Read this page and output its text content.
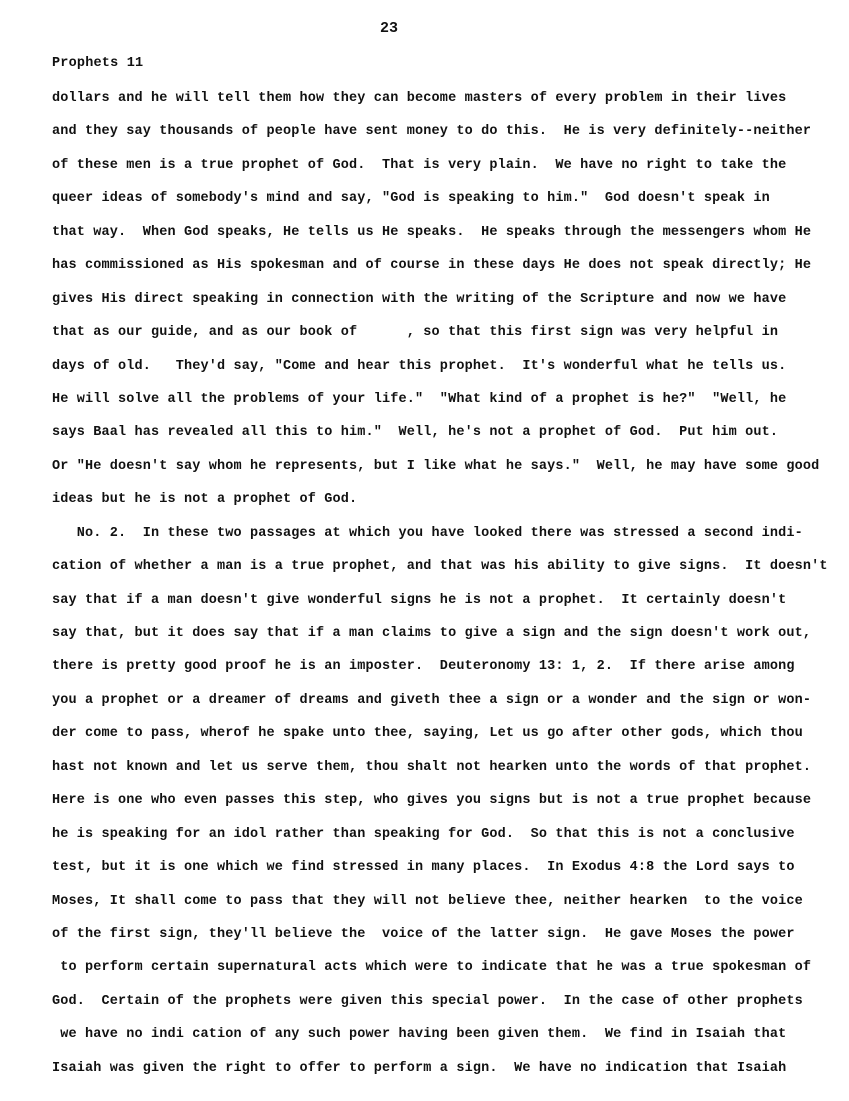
23
Prophets 11
dollars and he will tell them how they can become masters of every problem in their lives
and they say thousands of people have sent money to do this.  He is very definitely--neither
of these men is a true prophet of God.  That is very plain.  We have no right to take the
queer ideas of somebody's mind and say, "God is speaking to him."  God doesn't speak in
that way.  When God speaks, He tells us He speaks.  He speaks through the messengers whom He
has commissioned as His spokesman and of course in these days He does not speak directly; He
gives His direct speaking in connection with the writing of the Scripture and now we have
that as our guide, and as our book of      , so that this first sign was very helpful in
days of old.   They'd say, "Come and hear this prophet.  It's wonderful what he tells us.
He will solve all the problems of your life."  "What kind of a prophet is he?"  "Well, he
says Baal has revealed all this to him."  Well, he's not a prophet of God.  Put him out.
Or "He doesn't say whom he represents, but I like what he says."  Well, he may have some good
ideas but he is not a prophet of God.
No. 2.  In these two passages at which you have looked there was stressed a second indi-
cation of whether a man is a true prophet, and that was his ability to give signs.  It doesn't
say that if a man doesn't give wonderful signs he is not a prophet.  It certainly doesn't
say that, but it does say that if a man claims to give a sign and the sign doesn't work out,
there is pretty good proof he is an imposter.  Deuteronomy 13: 1, 2.  If there arise among
you a prophet or a dreamer of dreams and giveth thee a sign or a wonder and the sign or won-
der come to pass, wherof he spake unto thee, saying, Let us go after other gods, which thou
hast not known and let us serve them, thou shalt not hearken unto the words of that prophet.
Here is one who even passes this step, who gives you signs but is not a true prophet because
he is speaking for an idol rather than speaking for God.  So that this is not a conclusive
test, but it is one which we find stressed in many places.  In Exodus 4:8 the Lord says to
Moses, It shall come to pass that they will not believe thee, neither hearken  to the voice
of the first sign, they'll believe the  voice of the latter sign.  He gave Moses the power
to perform certain supernatural acts which were to indicate that he was a true spokesman of
God.  Certain of the prophets were given this special power.  In the case of other prophets
we have no indi cation of any such power having been given them.  We find in Isaiah that
Isaiah was given the right to offer to perform a sign.  We have no indication that Isaiah
